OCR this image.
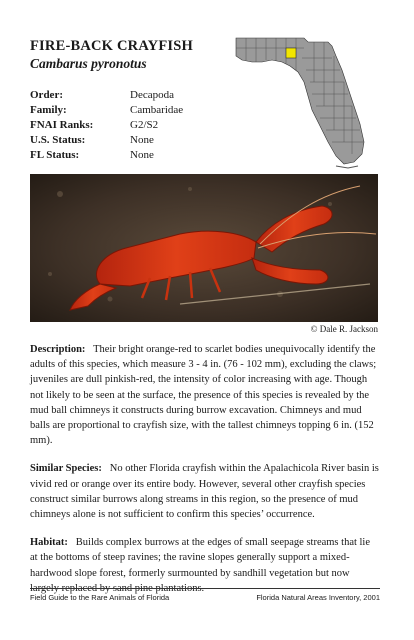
FIRE-BACK CRAYFISH
Cambarus pyronotus
Order:	Decapoda
Family:	Cambaridae
FNAI Ranks:	G2/S2
U.S. Status:	None
FL Status:	None
© Dale R. Jackson

Description: Their bright orange-red to scarlet bodies unequivocally identify the adults of this species, which measure 3 - 4 in. (76 - 102 mm), excluding the claws; juveniles are dull pinkish-red, the intensity of color increasing with age. Though not likely to be seen at the surface, the presence of this species is revealed by the mud ball chimneys it constructs during burrow excavation. Chimneys and mud balls are proportional to crayfish size, with the tallest chimneys topping 6 in. (152 mm).

Similar Species: No other Florida crayfish within the Apalachicola River basin is vivid red or orange over its entire body. However, several other crayfish species construct similar burrows along streams in this region, so the presence of mud chimneys alone is not sufficient to confirm this species’ occurrence.

Habitat: Builds complex burrows at the edges of small seepage streams that lie at the bottoms of steep ravines; the ravine slopes generally support a mixed-hardwood slope forest, formerly surmounted by sandhill vegetation but now largely replaced by sand pine plantations.

Field Guide to the Rare Animals of Florida	Florida Natural Areas Inventory, 2001
